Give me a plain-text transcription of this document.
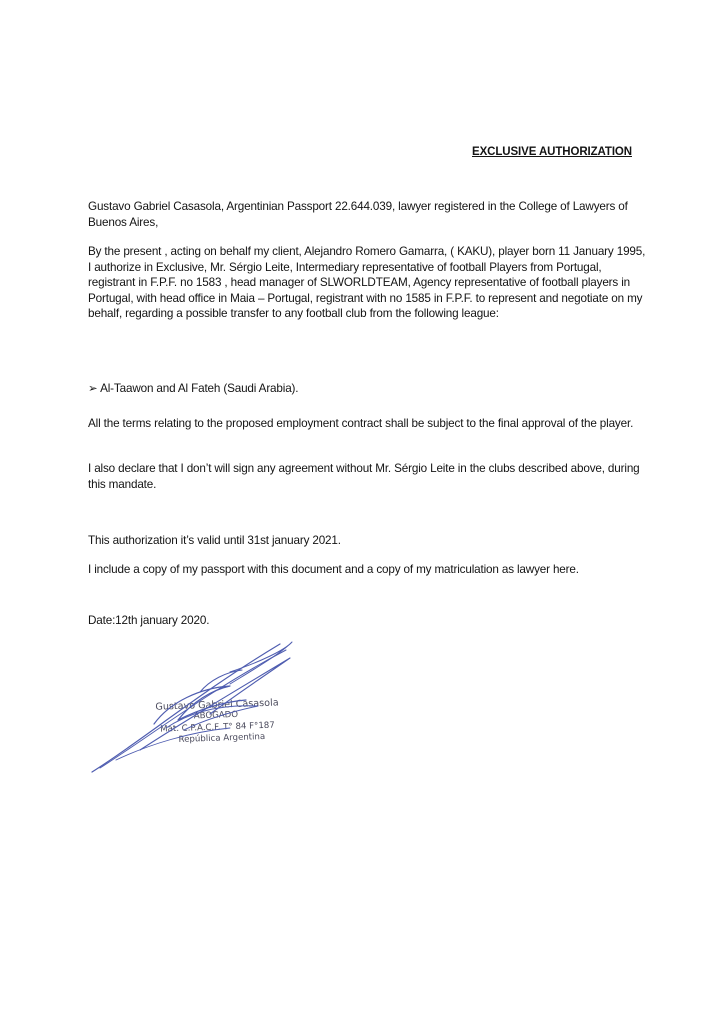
EXCLUSIVE AUTHORIZATION

Gustavo Gabriel Casasola, Argentinian Passport 22.644.039, lawyer registered in the College of Lawyers of Buenos Aires,

By the present , acting on behalf my client, Alejandro Romero Gamarra, ( KAKU), player born 11 January 1995, I authorize in Exclusive, Mr. Sérgio Leite, Intermediary representative of football Players from Portugal, registrant in F.P.F. no 1583 , head manager of SLWORLDTEAM, Agency representative of football players in Portugal, with head office in Maia – Portugal, registrant with no 1585 in F.P.F. to represent and negotiate on my behalf, regarding a possible transfer to any football club from the following league:

➢ Al-Taawon and Al Fateh (Saudi Arabia).

All the terms relating to the proposed employment contract shall be subject to the final approval of the player.

I also declare that I don’t will sign any agreement without Mr. Sérgio Leite in the clubs described above, during this mandate.

This authorization it’s valid until 31st january 2021.

I include a copy of my passport with this document and a copy of my matriculation as lawyer here.

Date:12th january 2020.

Gustavo Gabriel Casasola
ABOGADO
Mat. C.P.A.C.F. T° 84 F°187
República Argentina
